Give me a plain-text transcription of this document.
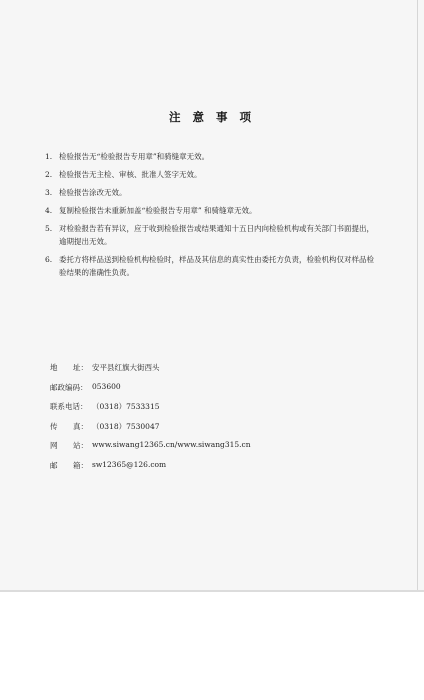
注 意 事 项
1. 检验报告无“检验报告专用章”和骑缝章无效。
2. 检验报告无主检、审核、批准人签字无效。
3. 检验报告涂改无效。
4. 复制检验报告未重新加盖“检验报告专用章” 和骑缝章无效。
5. 对检验报告若有异议，应于收到检验报告或结果通知十五日内向检验机构或有关部门书面提出，逾期提出无效。
6. 委托方将样品送到检验机构检验时，样品及其信息的真实性由委托方负责，检验机构仅对样品检验结果的准确性负责。
地 址： 安平县红旗大街西头
邮政编码： 053600
联系电话： （0318）7533315
传 真： （0318）7530047
网 站： www.siwang12365.cn/www.siwang315.cn
邮 箱： sw12365@126.com
